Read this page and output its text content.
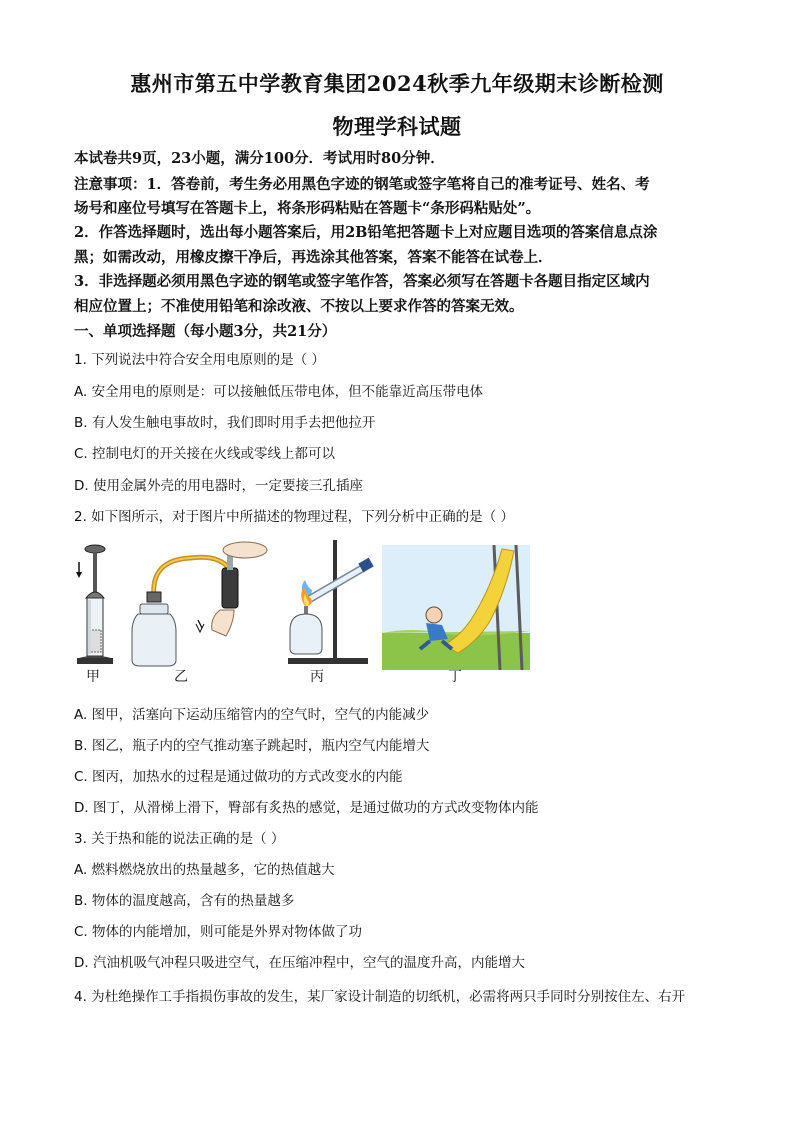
惠州市第五中学教育集团2024秋季九年级期末诊断检测
物理学科试题
本试卷共9页，23小题，满分100分．考试用时80分钟．
注意事项：1．答卷前，考生务必用黑色字迹的钢笔或签字笔将自己的准考证号、姓名、考
场号和座位号填写在答题卡上，将条形码粘贴在答题卡“条形码粘贴处”。
2．作答选择题时，选出每小题答案后，用2B铅笔把答题卡上对应题目选项的答案信息点涂
黑；如需改动，用橡皮擦干净后，再选涂其他答案，答案不能答在试卷上．
3．非选择题必须用黑色字迹的钢笔或签字笔作答，答案必须写在答题卡各题目指定区域内
相应位置上；不准使用铅笔和涂改液、不按以上要求作答的答案无效。
一、单项选择题（每小题3分，共21分）
1. 下列说法中符合安全用电原则的是（ ）
A. 安全用电的原则是：可以接触低压带电体，但不能靠近高压带电体
B. 有人发生触电事故时，我们即时用手去把他拉开
C. 控制电灯的开关接在火线或零线上都可以
D. 使用金属外壳的用电器时，一定要接三孔插座
2. 如下图所示，对于图片中所描述的物理过程，下列分析中正确的是（ ）
甲	乙	丙	丁
A. 图甲，活塞向下运动压缩管内的空气时，空气的内能减少
B. 图乙，瓶子内的空气推动塞子跳起时，瓶内空气内能增大
C. 图丙，加热水的过程是通过做功的方式改变水的内能
D. 图丁，从滑梯上滑下，臀部有炙热的感觉，是通过做功的方式改变物体内能
3. 关于热和能的说法正确的是（ ）
A. 燃料燃烧放出的热量越多，它的热值越大
B. 物体的温度越高，含有的热量越多
C. 物体的内能增加，则可能是外界对物体做了功
D. 汽油机吸气冲程只吸进空气，在压缩冲程中，空气的温度升高，内能增大
4. 为杜绝操作工手指损伤事故的发生，某厂家设计制造的切纸机，必需将两只手同时分别按住左、右开
